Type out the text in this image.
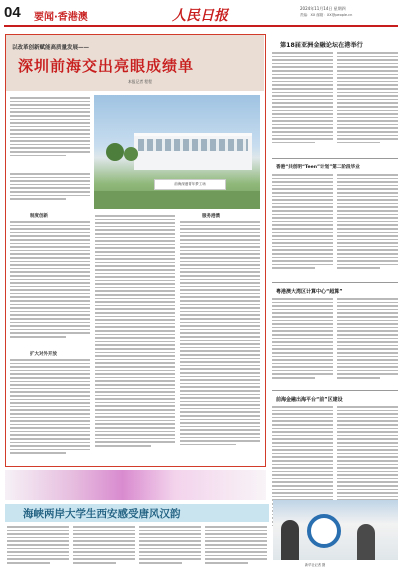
04 要闻·香港澳	人民日报	2024年11月14日 星期四
责编：XX 邮箱：XX@people.cn
以改革创新赋能高质量发展——
深圳前海交出亮眼成绩单
本报记者 程程
前海深港青年梦工场
制度创新	服务港澳
扩大对外开放
第18届亚洲金融论坛在港举行
香港“共创明“Teen”计划”第二阶段毕业
粤港澳大湾区计算中心“超算”
前海金融出海平台“前”区建设
海峡两岸大学生西安感受唐风汉韵
新华社记者 摄
